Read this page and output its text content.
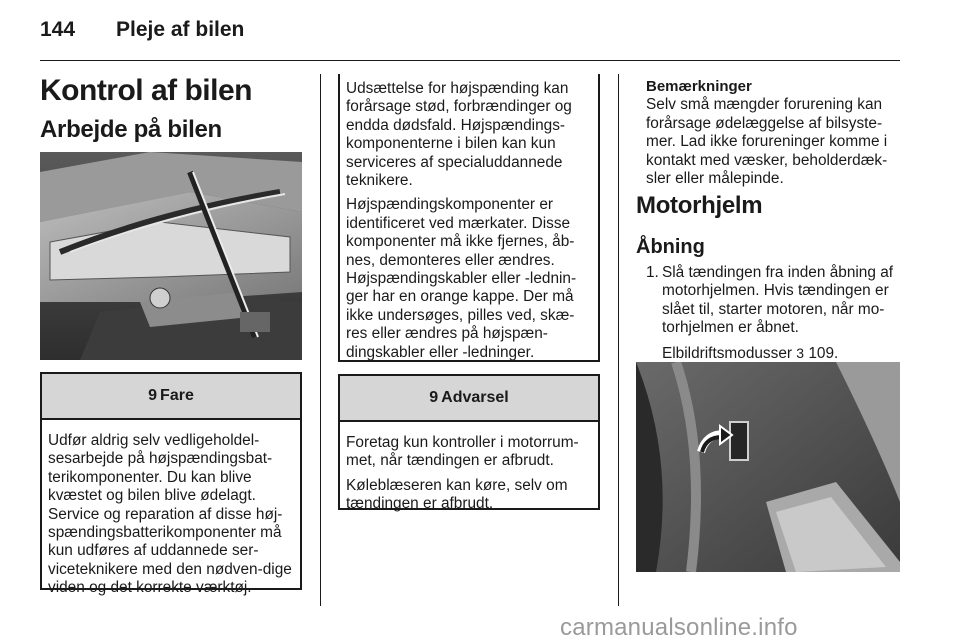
144 Pleje af bilen
Kontrol af bilen
Arbejde på bilen
9 Fare

Udfør aldrig selv vedligeholdel-sesarbejde på højspændingsbat-terikomponenter. Du kan blive kvæstet og bilen blive ødelagt. Service og reparation af disse høj-spændingsbatterikomponenter må kun udføres af uddannede ser-viceteknikere med den nødven-dige viden og det korrekte værktøj.

Udsættelse for højspænding kan forårsage stød, forbrændinger og endda dødsfald. Højspændings-komponenterne i bilen kan kun serviceres af specialuddannede teknikere.

Højspændingskomponenter er identificeret ved mærkater. Disse komponenter må ikke fjernes, åb-nes, demonteres eller ændres. Højspændingskabler eller -lednin-ger har en orange kappe. Der må ikke undersøges, pilles ved, skæ-res eller ændres på højspæn-dingskabler eller -ledninger.

9 Advarsel

Foretag kun kontroller i motorrum-met, når tændingen er afbrudt.

Køleblæseren kan køre, selv om tændingen er afbrudt.

Bemærkninger
Selv små mængder forurening kan forårsage ødelæggelse af bilsyste-mer. Lad ikke forureninger komme i kontakt med væsker, beholderdæk-sler eller målepinde.
Motorhjelm
Åbning
1. Slå tændingen fra inden åbning af motorhjelmen. Hvis tændingen er slået til, starter motoren, når mo-torhjelmen er åbnet.
Elbildriftsmodusser 3 109.
carmanualsonline.info
